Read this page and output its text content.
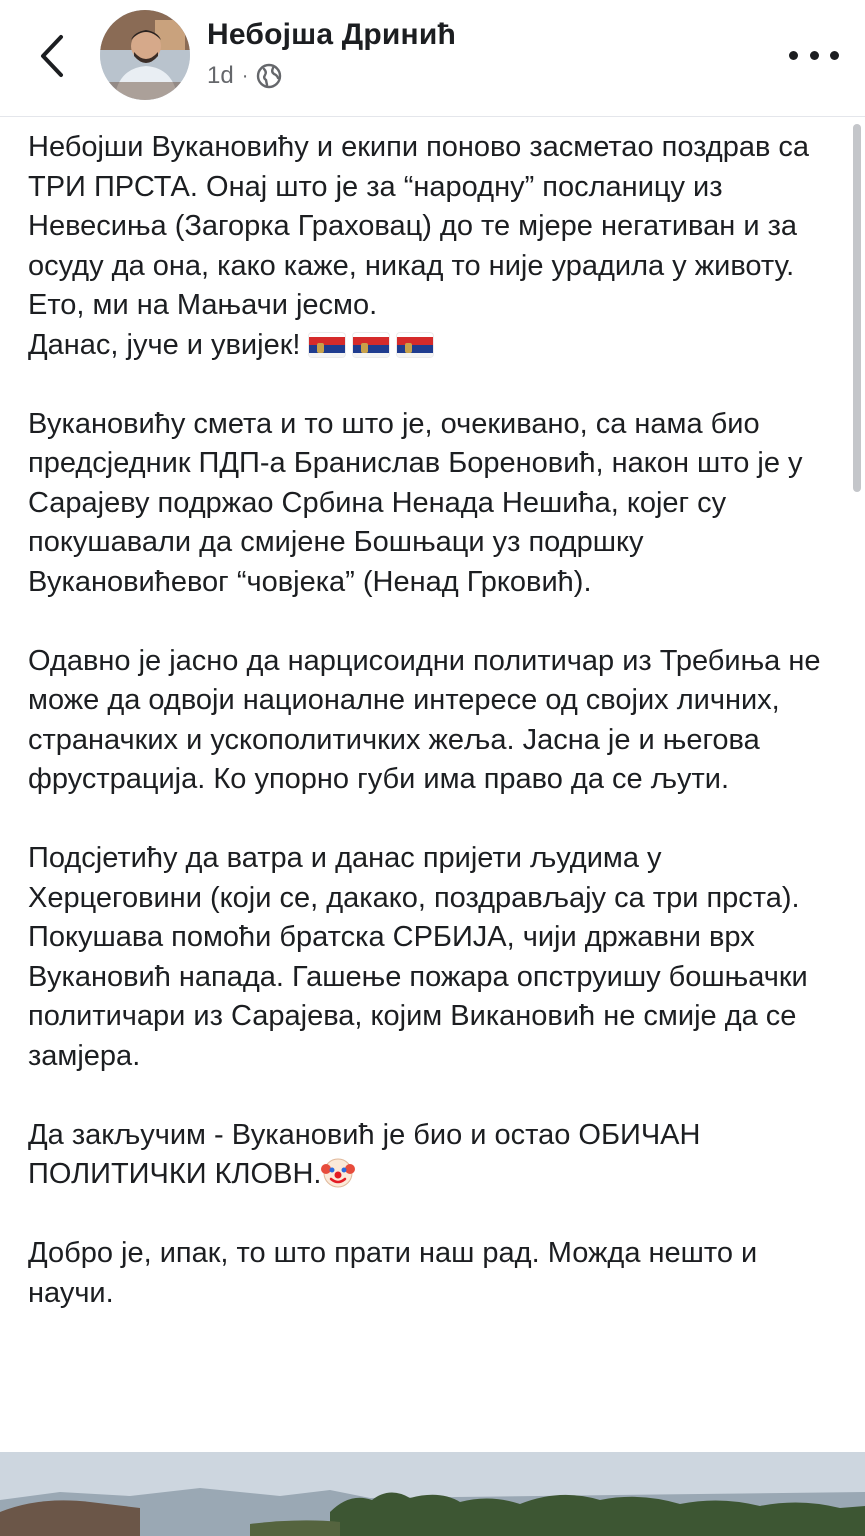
Небојша Дринић
1d ·

Небојши Вукановићу и екипи поново засметао поздрав са ТРИ ПРСТА. Онај што је за “народну” посланицу из Невесиња (Загорка Граховац) до те мјере негативан и за осуду да она, како каже, никад то није урадила у животу. Ето, ми на Мањачи јесмо.
Данас, јуче и увијек!

Вукановићу смета и то што је, очекивано, са нама био предсједник ПДП-а Бранислав Бореновић, након што је у Сарајеву подржао Србина Ненада Нешића, којег су покушавали да смијене Бошњаци уз подршку Вукановићевог “човјека” (Ненад Грковић).

Одавно је јасно да нарцисоидни политичар из Требиња не може да одвоји националне интересе од својих личних, страначких и ускополитичких жеља. Јасна је и његова фрустрација. Ко упорно губи има право да се љути.

Подсјетићу да ватра и данас пријети људима у Херцеговини (који се, дакако, поздрављају са три прста). Покушава помоћи братска СРБИЈА, чији државни врх Вукановић напада. Гашење пожара опструишу бошњачки политичари из Сарајева, којим Викановић не смије да се замјера.

Да закључим - Вукановић је био и остао ОБИЧАН ПОЛИТИЧКИ КЛОВН.

Добро је, ипак, то што прати наш рад. Можда нешто и научи.
